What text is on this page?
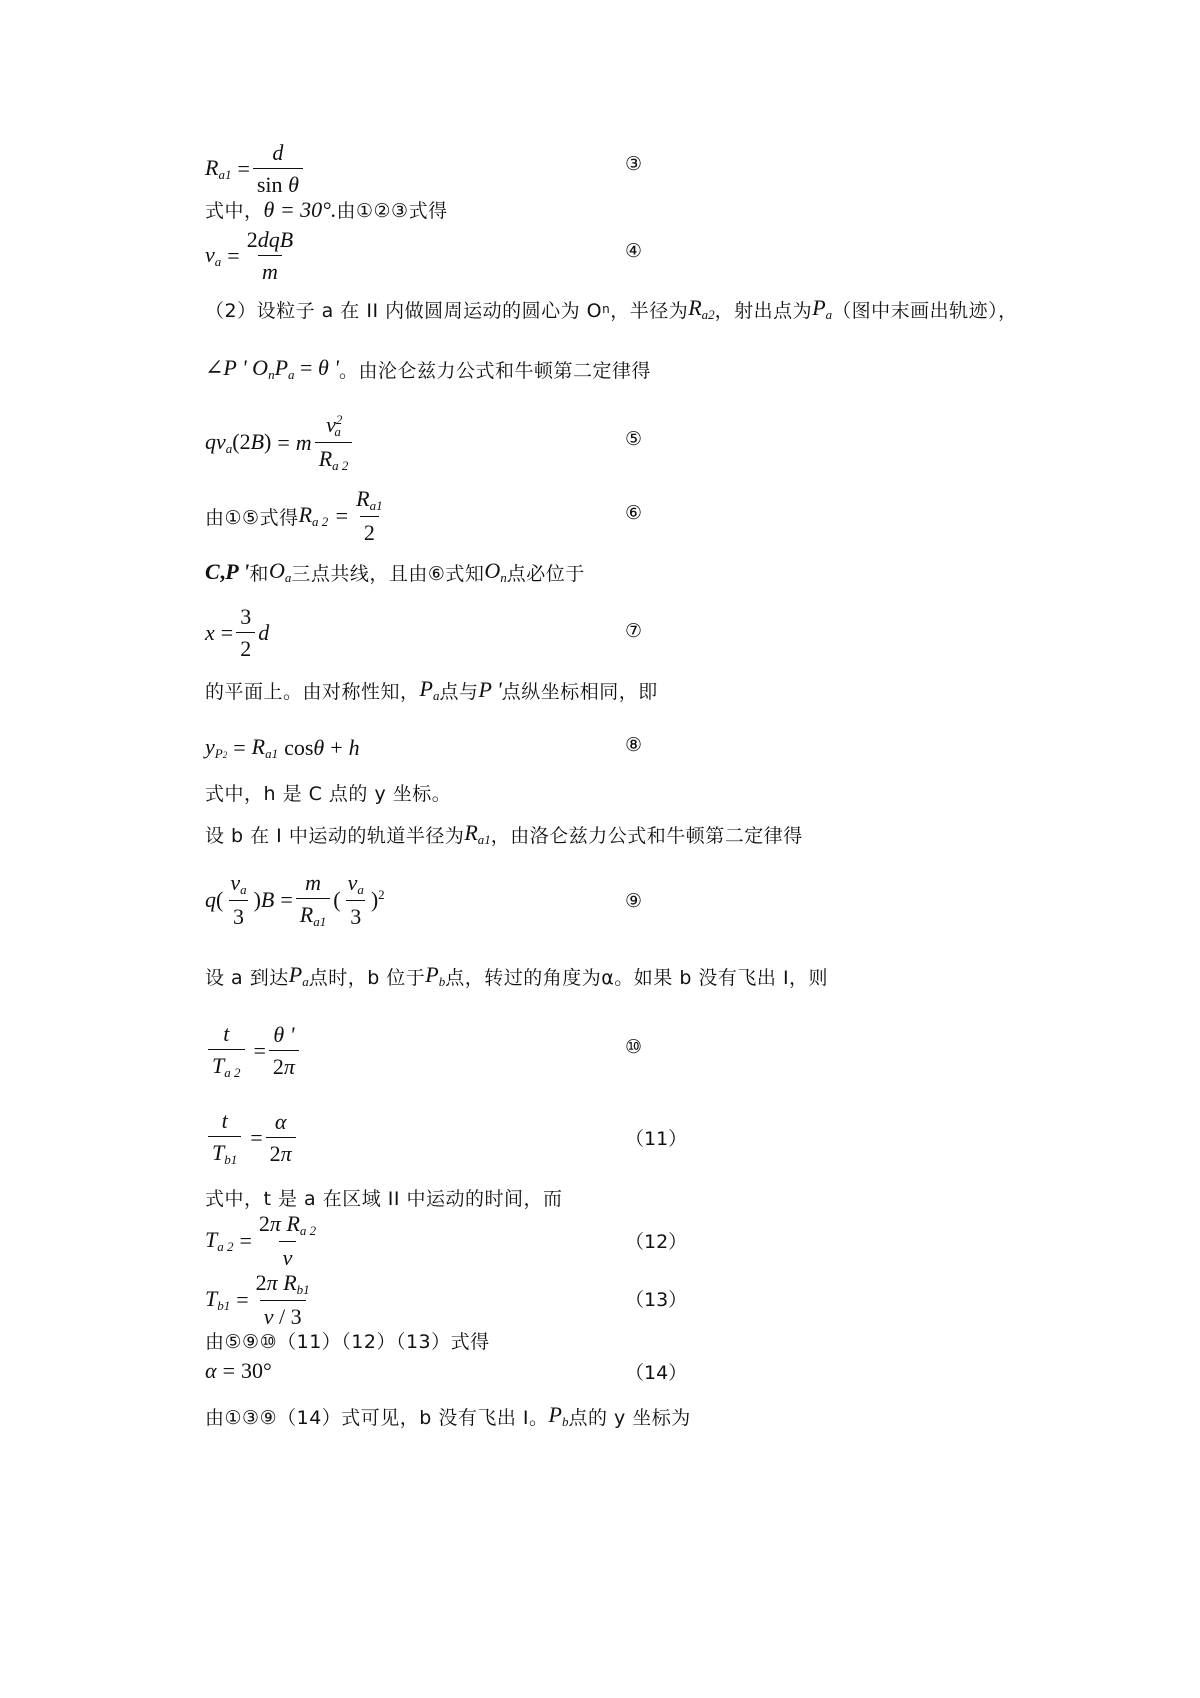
$R_{a1} = \frac{d}{\text{sin θ}}$	③
式中， θ = 30°. 由①②③式得
$v_a = \frac{\text{2dqB}}{m}$	④
（2）设粒子 a 在 II 内做圆周运动的圆心为 O n ，半径为 $R_{a2}$ ，射出点为 $P_a$ （图中末画出轨迹），
∠P ' $O_nP_a = \theta$ ' 。由沦仑兹力公式和牛顿第二定律得
$qv_a(2B) = m \frac{v^2_a}{R_{a 2}}$	⑤
由①⑤式得 $R_{a 2} = \frac{R_{a1}}{2}$	⑥
C,P ' 和 $O_a$ 三点共线，且由⑥式知 $O_n$ 点必位于
$x = \frac{3}{2}$ d	⑦
的平面上。由对称性知， $P_a$ 点与 P ' 点纵坐标相同，即
$y_{P2} = R_{a1}$ cos θ + h	⑧
式中，h 是 C 点的 y 坐标。
设 b 在 I 中运动的轨道半径为 $R_{a1}$ ，由洛仑兹力公式和牛顿第二定律得
$q( \frac{v_a}{3} )B = \frac{m}{R_{a1}}$ ( $\frac{v_a}{3} )^2$	⑨
设 a 到达 $P_a$ 点时，b 位于 $P_b$ 点，转过的角度为α。如果 b 没有飞出 I，则
$\frac{t}{T_{a 2}} = \frac{\theta '}{2\pi}$	⑩
$\frac{t}{T_{b1}} = \frac{\alpha}{2\pi}$	（11）
式中，t 是 a 在区域 II 中运动的时间，而
$T_{a 2} = \frac{2\pi R_{a 2}}{v}$	（12）
$T_{b1} = \frac{2\pi R_{b1}}{v / 3}$	（13）
由⑤⑨⑩（11）（12）（13）式得
α = 30°	（14）
由①③⑨（14）式可见，b 没有飞出 I。 $P_b$ 点的 y 坐标为
